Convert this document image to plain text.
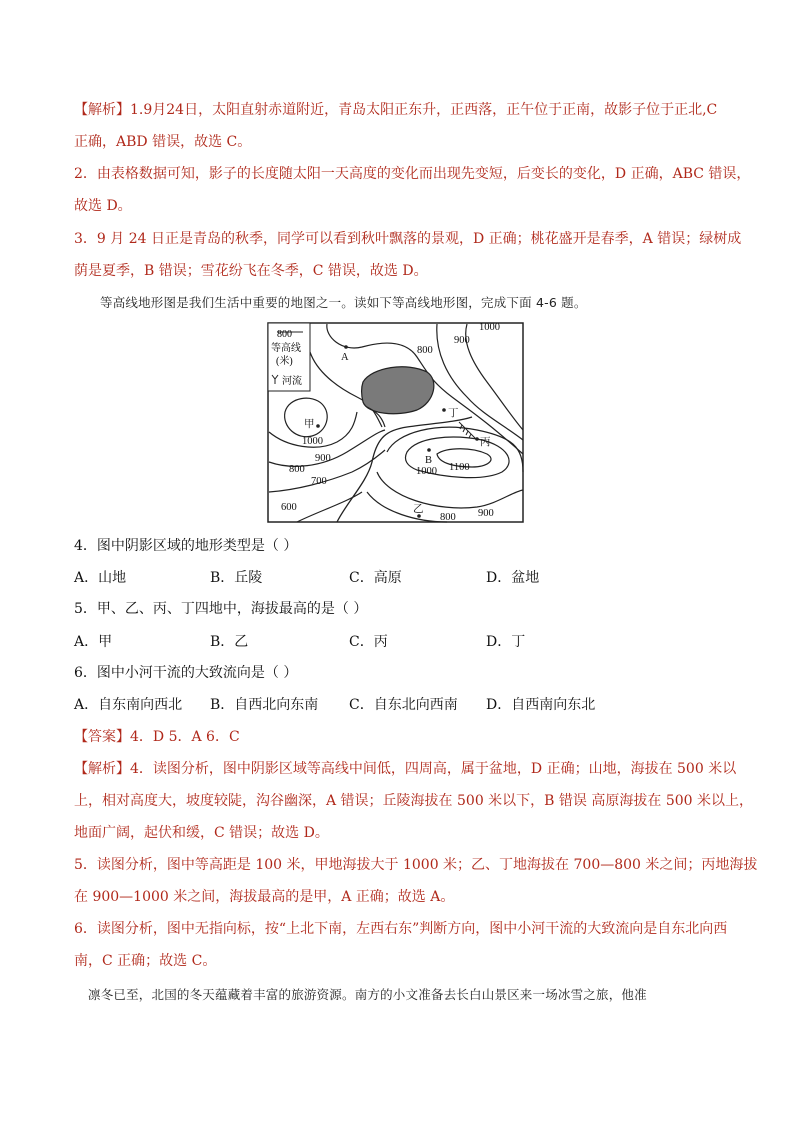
【解析】1.9月24日，太阳直射赤道附近，青岛太阳正东升，正西落，正午位于正南，故影子位于正北,C
正确，ABD 错误，故选 C。
2．由表格数据可知，影子的长度随太阳一天高度的变化而出现先变短，后变长的变化，D 正确，ABC 错误，
故选 D。
3．9 月 24 日正是青岛的秋季，同学可以看到秋叶飘落的景观，D 正确；桃花盛开是春季，A 错误；绿树成
荫是夏季，B 错误；雪花纷飞在冬季，C 错误，故选 D。
等高线地形图是我们生活中重要的地图之一。读如下等高线地形图，完成下面 4-6 题。
800
等高线
(米)
河流
1000
900
800
A
丁
甲
1000	丙
900	B
1000 1100
800
700
600	乙
800 900
4．图中阴影区域的地形类型是（ ）
A．山地	B．丘陵	C．高原	D．盆地
5．甲、乙、丙、丁四地中，海拔最高的是（ ）
A．甲	B．乙	C．丙	D．丁
6．图中小河干流的大致流向是（ ）
A．自东南向西北 B．自西北向东南 C．自东北向西南 D．自西南向东北
【答案】4．D 5．A 6．C
【解析】4．读图分析，图中阴影区域等高线中间低，四周高，属于盆地，D 正确；山地，海拔在 500 米以
上，相对高度大，坡度较陡，沟谷幽深，A 错误；丘陵海拔在 500 米以下，B 错误 高原海拔在 500 米以上，
地面广阔，起伏和缓，C 错误；故选 D。
5．读图分析，图中等高距是 100 米，甲地海拔大于 1000 米；乙、丁地海拔在 700—800 米之间；丙地海拔
在 900—1000 米之间，海拔最高的是甲，A 正确；故选 A。
6．读图分析，图中无指向标，按“上北下南，左西右东”判断方向，图中小河干流的大致流向是自东北向西
南，C 正确；故选 C。
凛冬已至，北国的冬天蕴藏着丰富的旅游资源。南方的小文准备去长白山景区来一场冰雪之旅，他准
